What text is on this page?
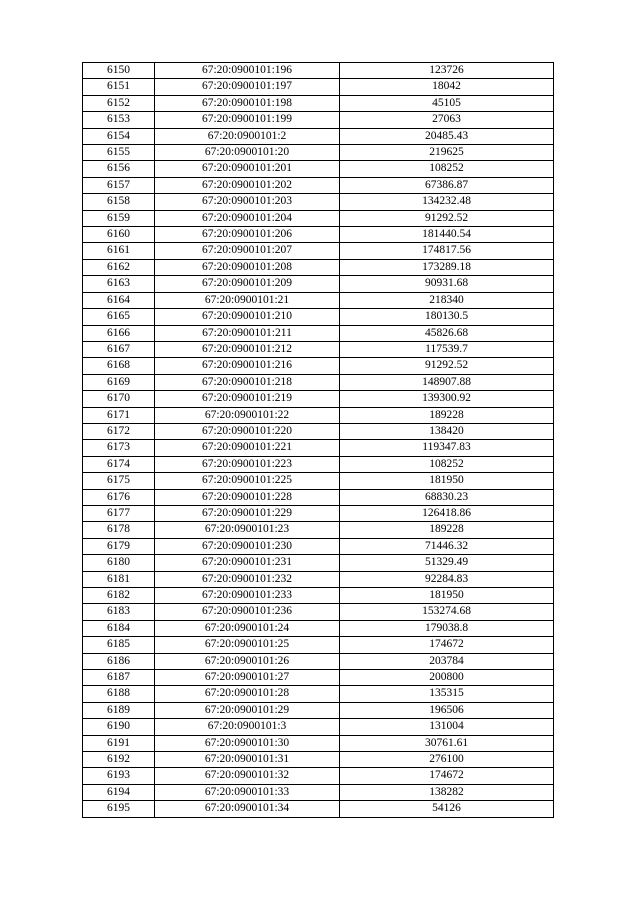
6150	67:20:0900101:196	123726
6151	67:20:0900101:197	18042
6152	67:20:0900101:198	45105
6153	67:20:0900101:199	27063
6154	67:20:0900101:2	20485.43
6155	67:20:0900101:20	219625
6156	67:20:0900101:201	108252
6157	67:20:0900101:202	67386.87
6158	67:20:0900101:203	134232.48
6159	67:20:0900101:204	91292.52
6160	67:20:0900101:206	181440.54
6161	67:20:0900101:207	174817.56
6162	67:20:0900101:208	173289.18
6163	67:20:0900101:209	90931.68
6164	67:20:0900101:21	218340
6165	67:20:0900101:210	180130.5
6166	67:20:0900101:211	45826.68
6167	67:20:0900101:212	117539.7
6168	67:20:0900101:216	91292.52
6169	67:20:0900101:218	148907.88
6170	67:20:0900101:219	139300.92
6171	67:20:0900101:22	189228
6172	67:20:0900101:220	138420
6173	67:20:0900101:221	119347.83
6174	67:20:0900101:223	108252
6175	67:20:0900101:225	181950
6176	67:20:0900101:228	68830.23
6177	67:20:0900101:229	126418.86
6178	67:20:0900101:23	189228
6179	67:20:0900101:230	71446.32
6180	67:20:0900101:231	51329.49
6181	67:20:0900101:232	92284.83
6182	67:20:0900101:233	181950
6183	67:20:0900101:236	153274.68
6184	67:20:0900101:24	179038.8
6185	67:20:0900101:25	174672
6186	67:20:0900101:26	203784
6187	67:20:0900101:27	200800
6188	67:20:0900101:28	135315
6189	67:20:0900101:29	196506
6190	67:20:0900101:3	131004
6191	67:20:0900101:30	30761.61
6192	67:20:0900101:31	276100
6193	67:20:0900101:32	174672
6194	67:20:0900101:33	138282
6195	67:20:0900101:34	54126
